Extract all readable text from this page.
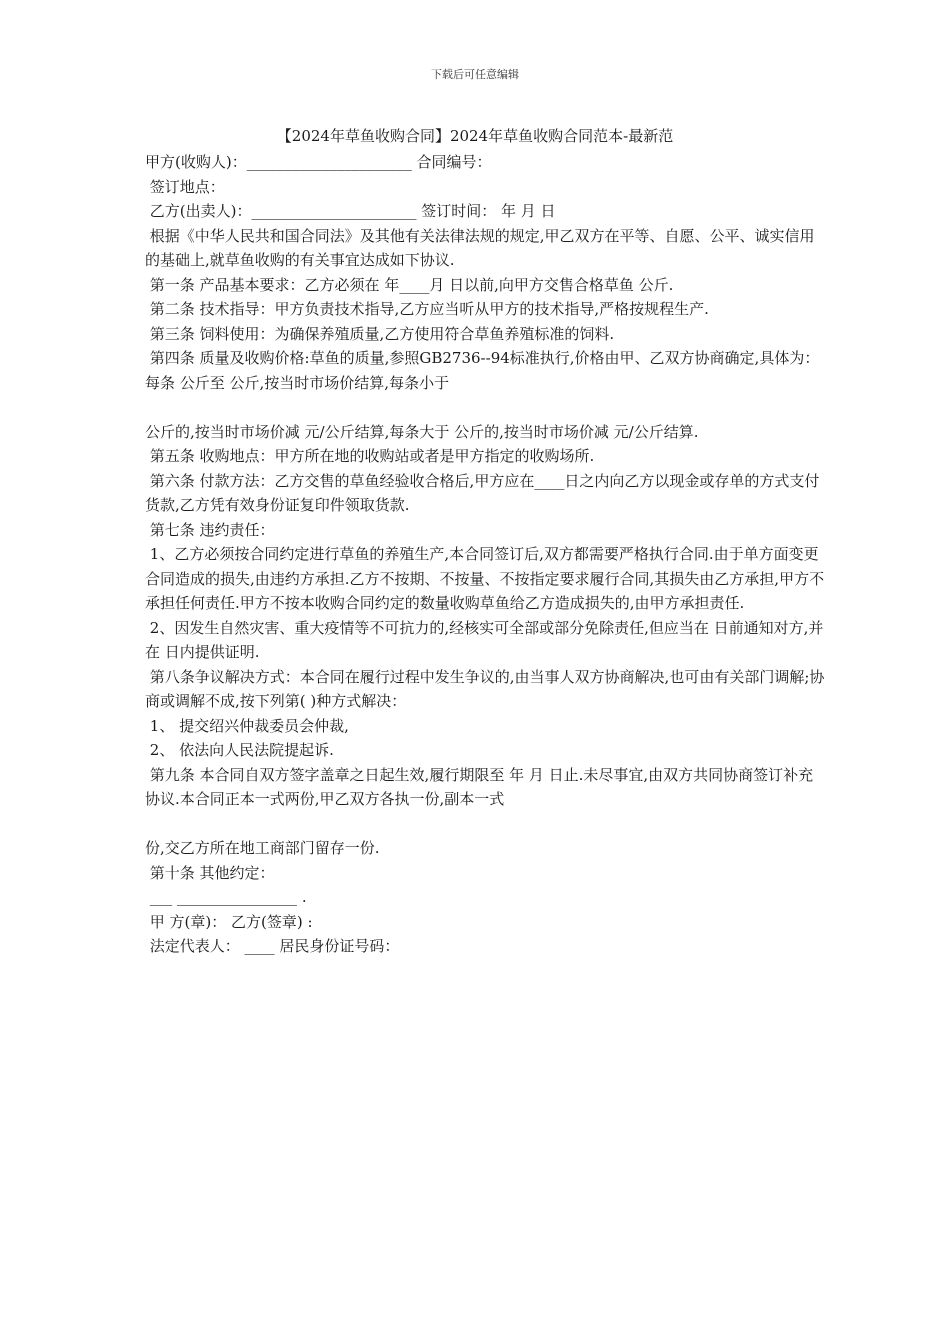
下载后可任意编辑
【2024年草鱼收购合同】2024年草鱼收购合同范本-最新范

甲方(收购人)：______________________ 合同编号：

签订地点：

乙方(出卖人)：______________________ 签订时间： 年 月 日

根据《中华人民共和国合同法》及其他有关法律法规的规定,甲乙双方在平等、自愿、公平、诚实信用的基础上,就草鱼收购的有关事宜达成如下协议.

第一条 产品基本要求：乙方必须在 年____月 日以前,向甲方交售合格草鱼 公斤.

第二条 技术指导：甲方负责技术指导,乙方应当听从甲方的技术指导,严格按规程生产.

第三条 饲料使用：为确保养殖质量,乙方使用符合草鱼养殖标准的饲料.

第四条 质量及收购价格:草鱼的质量,参照GB2736--94标准执行,价格由甲、乙双方协商确定,具体为：每条 公斤至 公斤,按当时市场价结算,每条小于

公斤的,按当时市场价减 元/公斤结算,每条大于 公斤的,按当时市场价减 元/公斤结算.

第五条 收购地点：甲方所在地的收购站或者是甲方指定的收购场所.

第六条 付款方法：乙方交售的草鱼经验收合格后,甲方应在____日之内向乙方以现金或存单的方式支付货款,乙方凭有效身份证复印件领取货款.

第七条 违约责任：

1、乙方必须按合同约定进行草鱼的养殖生产,本合同签订后,双方都需要严格执行合同.由于单方面变更合同造成的损失,由违约方承担.乙方不按期、不按量、不按指定要求履行合同,其损失由乙方承担,甲方不承担任何责任.甲方不按本收购合同约定的数量收购草鱼给乙方造成损失的,由甲方承担责任.

2、因发生自然灾害、重大疫情等不可抗力的,经核实可全部或部分免除责任,但应当在 日前通知对方,并在 日内提供证明.

第八条争议解决方式：本合同在履行过程中发生争议的,由当事人双方协商解决,也可由有关部门调解;协商或调解不成,按下列第( )种方式解决：

1、 提交绍兴仲裁委员会仲裁,

2、 依法向人民法院提起诉.

第九条 本合同自双方签字盖章之日起生效,履行期限至 年 月 日止.未尽事宜,由双方共同协商签订补充协议.本合同正本一式两份,甲乙双方各执一份,副本一式

份,交乙方所在地工商部门留存一份.

第十条 其他约定：

___ ________________ .

甲 方(章)： 乙方(签章) :

法定代表人： ____ 居民身份证号码：
